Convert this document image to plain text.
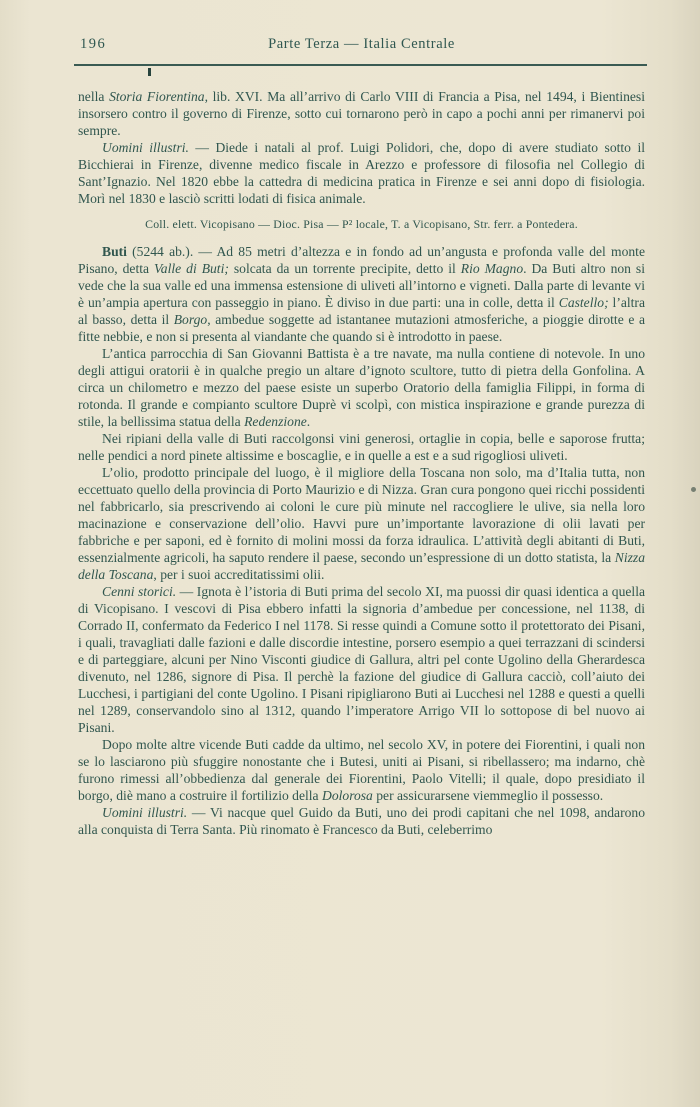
196	Parte Terza — Italia Centrale

nella Storia Fiorentina, lib. XVI. Ma all’arrivo di Carlo VIII di Francia a Pisa, nel 1494, i Bientinesi insorsero contro il governo di Firenze, sotto cui tornarono però in capo a pochi anni per rimanervi poi sempre.

Uomini illustri. — Diede i natali al prof. Luigi Polidori, che, dopo di avere studiato sotto il Bicchierai in Firenze, divenne medico fiscale in Arezzo e professore di filosofia nel Collegio di Sant’Ignazio. Nel 1820 ebbe la cattedra di medicina pratica in Firenze e sei anni dopo di fisiologia. Morì nel 1830 e lasciò scritti lodati di fisica animale.

Coll. elett. Vicopisano — Dioc. Pisa — P² locale, T. a Vicopisano, Str. ferr. a Pontedera.

Buti (5244 ab.). — Ad 85 metri d’altezza e in fondo ad un’angusta e profonda valle del monte Pisano, detta Valle di Buti; solcata da un torrente precipite, detto il Rio Magno. Da Buti altro non si vede che la sua valle ed una immensa estensione di uliveti all’intorno e vigneti. Dalla parte di levante vi è un’ampia apertura con passeggio in piano. È diviso in due parti: una in colle, detta il Castello; l’altra al basso, detta il Borgo, ambedue soggette ad istantanee mutazioni atmosferiche, a pioggie dirotte e a fitte nebbie, e non si presenta al viandante che quando si è introdotto in paese.

L’antica parrocchia di San Giovanni Battista è a tre navate, ma nulla contiene di notevole. In uno degli attigui oratorii è in qualche pregio un altare d’ignoto scultore, tutto di pietra della Gonfolina. A circa un chilometro e mezzo del paese esiste un superbo Oratorio della famiglia Filippi, in forma di rotonda. Il grande e compianto scultore Duprè vi scolpì, con mistica inspirazione e grande purezza di stile, la bellissima statua della Redenzione.

Nei ripiani della valle di Buti raccolgonsi vini generosi, ortaglie in copia, belle e saporose frutta; nelle pendici a nord pinete altissime e boscaglie, e in quelle a est e a sud rigogliosi uliveti.

L’olio, prodotto principale del luogo, è il migliore della Toscana non solo, ma d’Italia tutta, non eccettuato quello della provincia di Porto Maurizio e di Nizza. Gran cura pongono quei ricchi possidenti nel fabbricarlo, sia prescrivendo ai coloni le cure più minute nel raccogliere le ulive, sia nella loro macinazione e conservazione dell’olio. Havvi pure un’importante lavorazione di olii lavati per fabbriche e per saponi, ed è fornito di molini mossi da forza idraulica. L’attività degli abitanti di Buti, essenzialmente agricoli, ha saputo rendere il paese, secondo un’espressione di un dotto statista, la Nizza della Toscana, per i suoi accreditatissimi olii.

Cenni storici. — Ignota è l’istoria di Buti prima del secolo XI, ma puossi dir quasi identica a quella di Vicopisano. I vescovi di Pisa ebbero infatti la signoria d’ambedue per concessione, nel 1138, di Corrado II, confermato da Federico I nel 1178. Si resse quindi a Comune sotto il protettorato dei Pisani, i quali, travagliati dalle fazioni e dalle discordie intestine, porsero esempio a quei terrazzani di scindersi e di parteggiare, alcuni per Nino Visconti giudice di Gallura, altri pel conte Ugolino della Gherardesca divenuto, nel 1286, signore di Pisa. Il perchè la fazione del giudice di Gallura cacciò, coll’aiuto dei Lucchesi, i partigiani del conte Ugolino. I Pisani ripigliarono Buti ai Lucchesi nel 1288 e questi a quelli nel 1289, conservandolo sino al 1312, quando l’imperatore Arrigo VII lo sottopose di bel nuovo ai Pisani.

Dopo molte altre vicende Buti cadde da ultimo, nel secolo XV, in potere dei Fiorentini, i quali non se lo lasciarono più sfuggire nonostante che i Butesi, uniti ai Pisani, si ribellassero; ma indarno, chè furono rimessi all’obbedienza dal generale dei Fiorentini, Paolo Vitelli; il quale, dopo presidiato il borgo, diè mano a costruire il fortilizio della Dolorosa per assicurarsene viemmeglio il possesso.

Uomini illustri. — Vi nacque quel Guido da Buti, uno dei prodi capitani che nel 1098, andarono alla conquista di Terra Santa. Più rinomato è Francesco da Buti, celeberrimo
